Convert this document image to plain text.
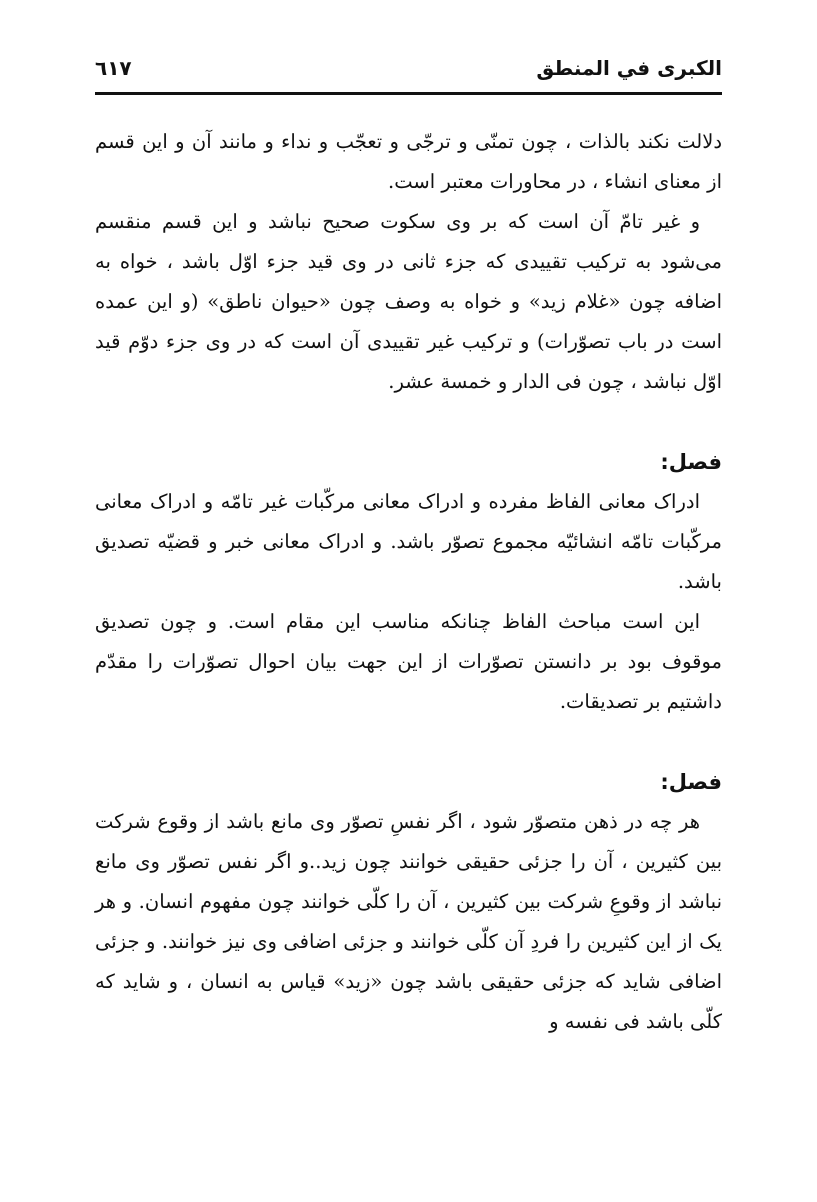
الکبری في المنطق
٦١٧

دلالت نکند بالذات ، چون تمنّی و ترجّی و تعجّب و نداء و مانند آن و این قسم از معنای انشاء ، در محاورات معتبر است.

و غیر تامّ آن است که بر وی سکوت صحیح نباشد و این قسم منقسم می‌شود به ترکیب تقییدی که جزء ثانی در وی قید جزء اوّل باشد ، خواه به اضافه چون «غلام زید» و خواه به وصف چون «حیوان ناطق» (و این عمده است در باب تصوّرات) و ترکیب غیر تقییدی آن است که در وی جزء دوّم قید اوّل نباشد ، چون فی الدار و خمسة عشر.

فصل:

ادراک معانی الفاظ مفرده و ادراک معانی مرکّبات غیر تامّه و ادراک معانی مرکّبات تامّه انشائیّه مجموع تصوّر باشد. و ادراک معانی خبر و قضیّه تصدیق باشد.

این است مباحث الفاظ چنانکه مناسب این مقام است. و چون تصدیق موقوف بود بر دانستن تصوّرات از این جهت بیان احوال تصوّرات را مقدّم داشتیم بر تصدیقات.

فصل:

هر چه در ذهن متصوّر شود ، اگر نفسِ تصوّر وی مانع باشد از وقوع شرکت بین کثیرین ، آن را جزئی حقیقی خوانند چون زید..و اگر نفس تصوّر وی مانع نباشد از وقوعِ شرکت بین کثیرین ، آن را کلّی خوانند چون مفهوم انسان. و هر یک از این کثیرین را فردِ آن کلّی خوانند و جزئی اضافی وی نیز خوانند. و جزئی اضافی شاید که جزئی حقیقی باشد چون «زید» قیاس به انسان ، و شاید که کلّی باشد فی نفسه و
